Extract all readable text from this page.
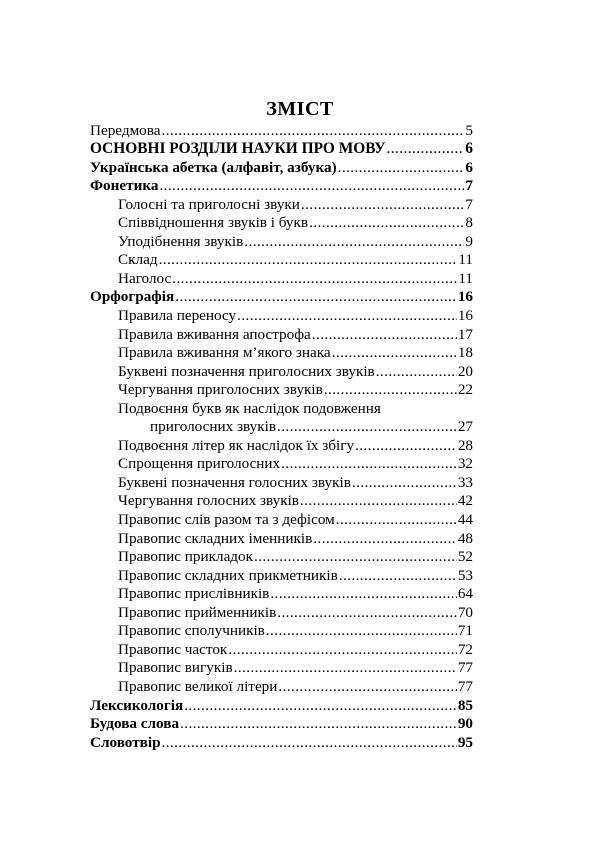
ЗМІСТ
Передмова .....	5
ОСНОВНІ РОЗДІЛИ НАУКИ ПРО МОВУ .....	6
Українська абетка (алфавіт, азбука) .....	6
Фонетика .....	7
Голосні та приголосні звуки .....	7
Співвідношення звуків і букв .....	8
Уподібнення звуків .....	9
Склад .....	11
Наголос .....	11
Орфографія .....	16
Правила переносу .....	16
Правила вживання апострофа .....	17
Правила вживання м’якого знака .....	18
Буквені позначення приголосних звуків .....	20
Чергування приголосних звуків .....	22
Подвоєння букв як наслідок подовження
приголосних звуків .....	27
Подвоєння літер як наслідок їх збігу .....	28
Спрощення приголосних .....	32
Буквені позначення голосних звуків .....	33
Чергування голосних звуків .....	42
Правопис слів разом та з дефісом .....	44
Правопис складних іменників .....	48
Правопис прикладок .....	52
Правопис складних прикметників .....	53
Правопис прислівників .....	64
Правопис прийменників .....	70
Правопис сполучників .....	71
Правопис часток .....	72
Правопис вигуків .....	77
Правопис великої літери .....	77
Лексикологія .....	85
Будова слова .....	90
Словотвір .....	95
